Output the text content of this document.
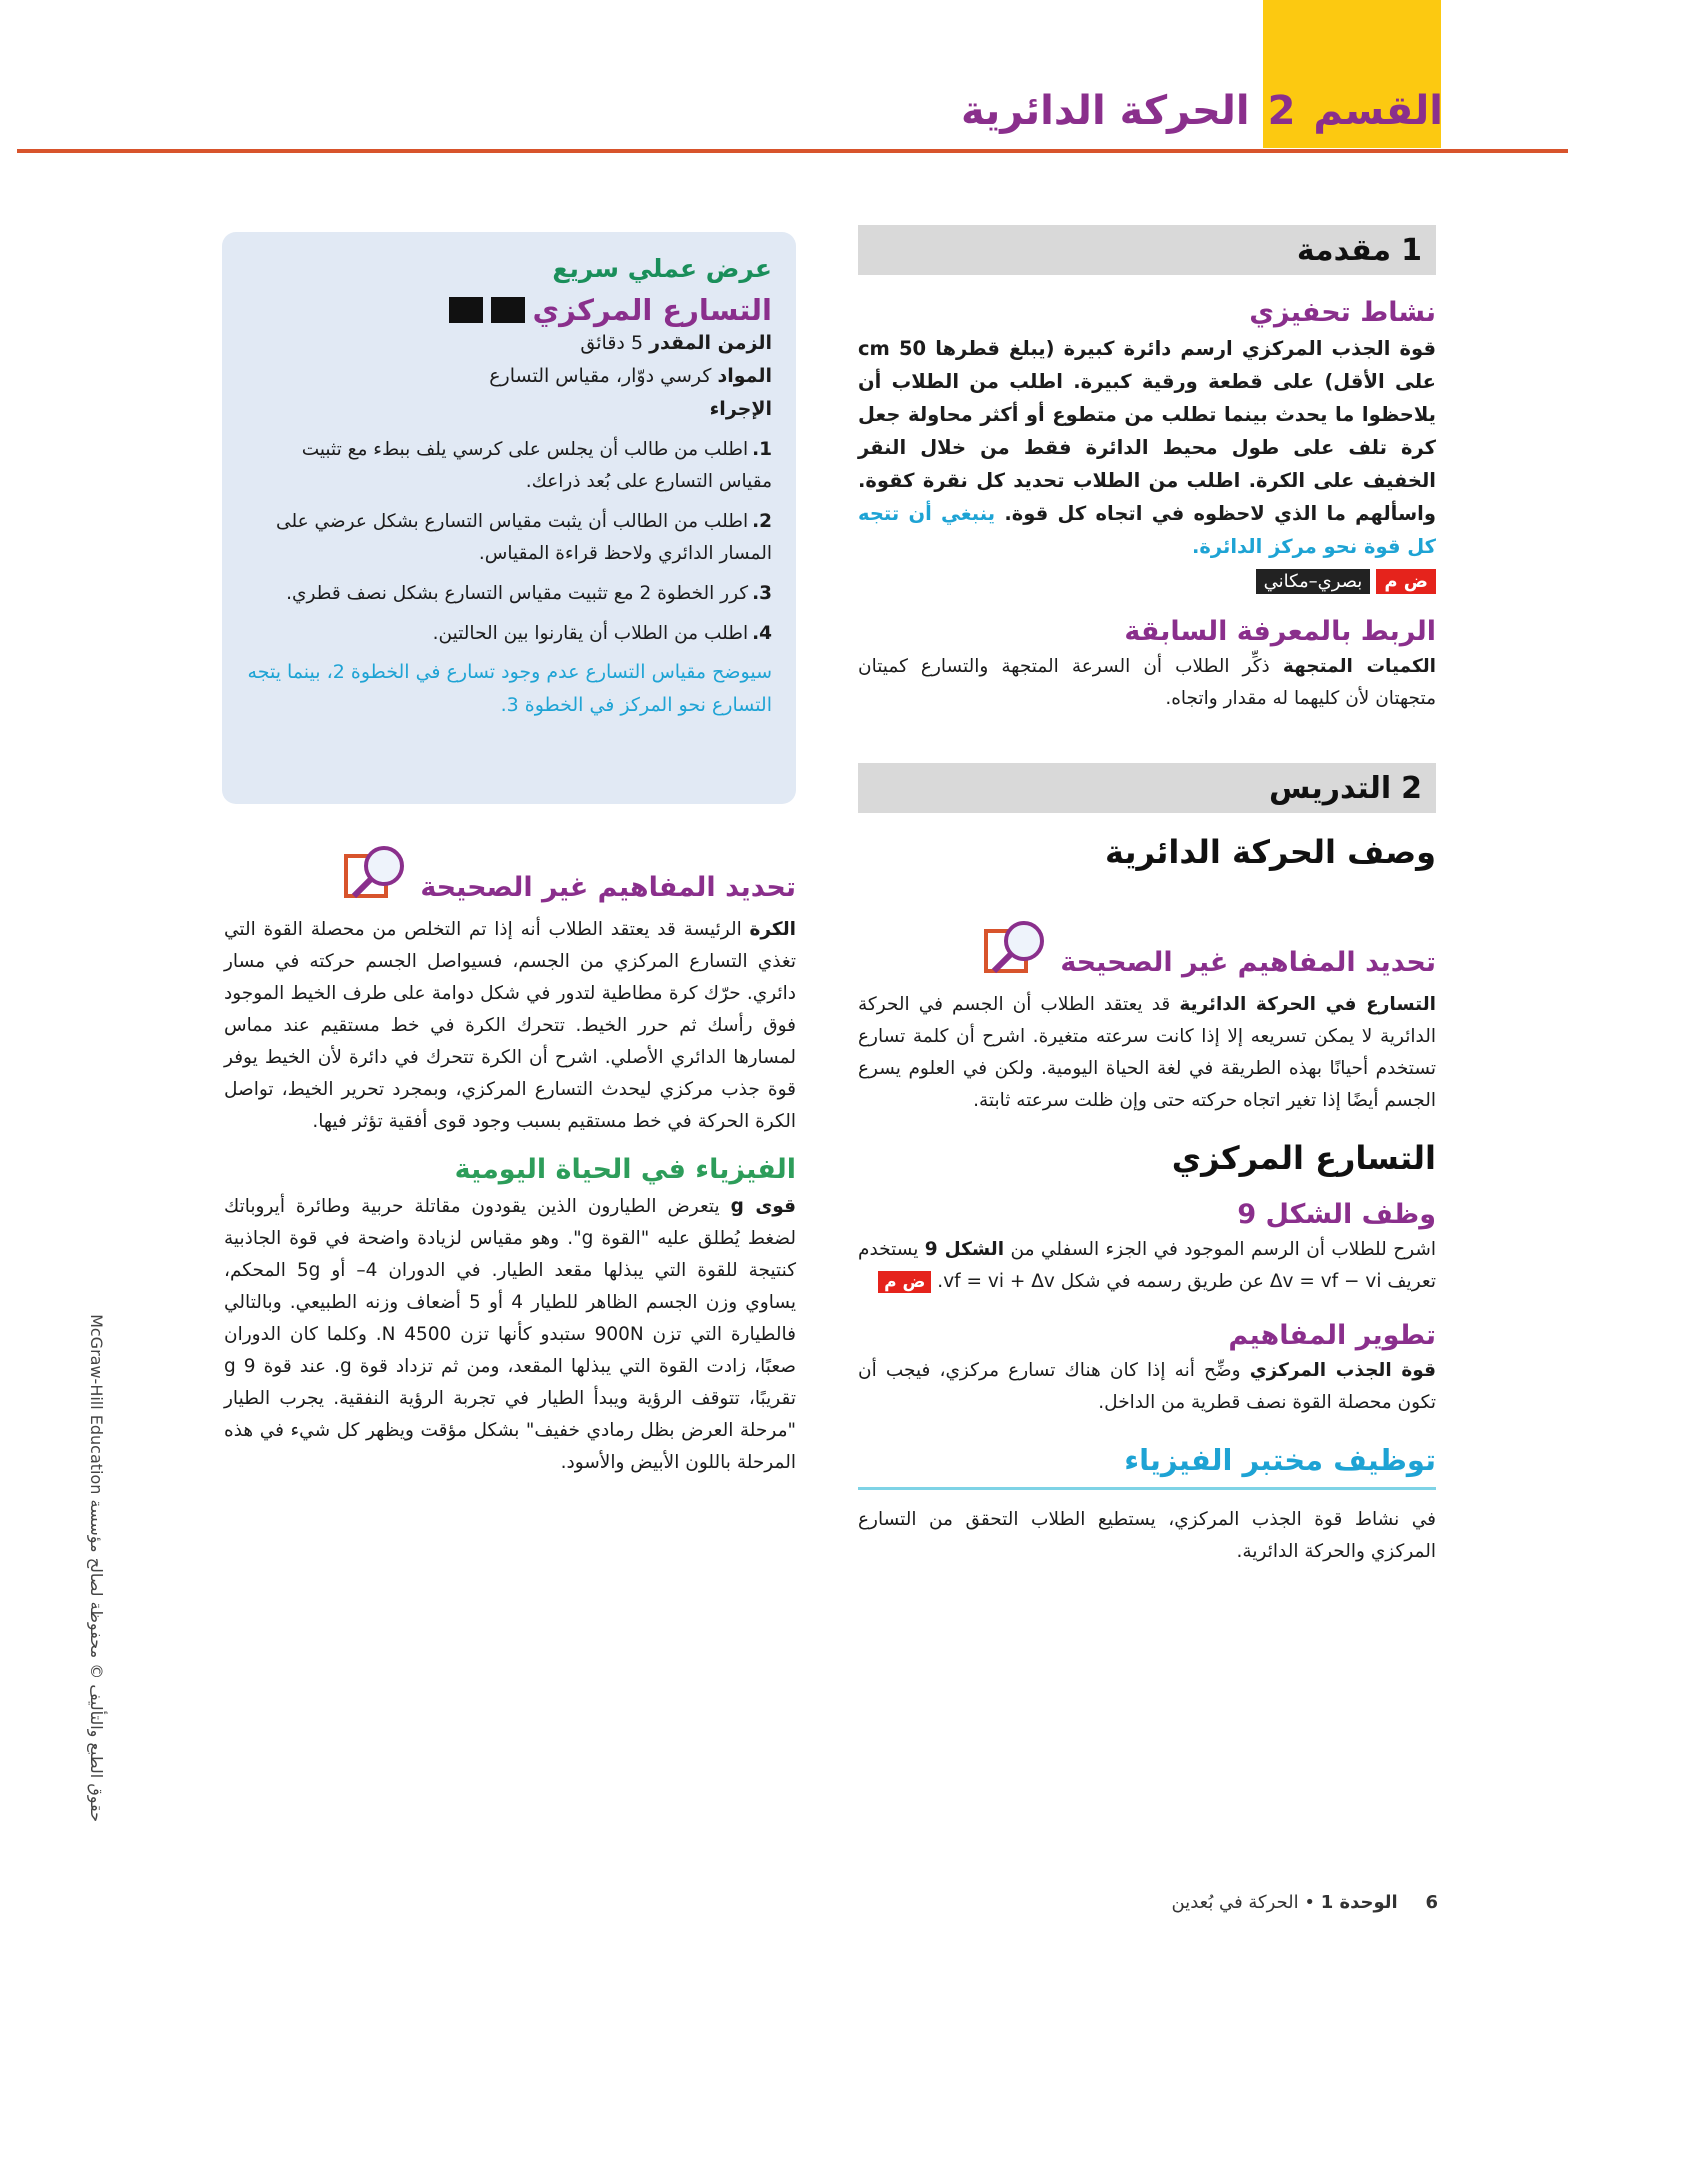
القسم2الحركة الدائرية
1
مقدمة
نشاط تحفيزي

قوة الجذب المركزي ارسم دائرة كبيرة (يبلغ قطرها 50 cm على الأقل) على قطعة ورقية كبيرة. اطلب من الطلاب أن يلاحظوا ما يحدث بينما تطلب من متطوع أو أكثر محاولة جعل كرة تلف على طول محيط الدائرة فقط من خلال النقر الخفيف على الكرة. اطلب من الطلاب تحديد كل نقرة كقوة. واسألهم ما الذي لاحظوه في اتجاه كل قوة. ينبغي أن تتجه كل قوة نحو مركز الدائرة.

ض م
بصري–مكاني
الربط بالمعرفة السابقة

الكميات المتجهة ذكِّر الطلاب أن السرعة المتجهة والتسارع كميتان متجهتان لأن كليهما له مقدار واتجاه.

2
التدريس
وصف الحركة الدائرية
تحديد المفاهيم غير الصحيحة

التسارع في الحركة الدائرية قد يعتقد الطلاب أن الجسم في الحركة الدائرية لا يمكن تسريعه إلا إذا كانت سرعته متغيرة. اشرح أن كلمة تسارع تستخدم أحيانًا بهذه الطريقة في لغة الحياة اليومية. ولكن في العلوم يسرع الجسم أيضًا إذا تغير اتجاه حركته حتى وإن ظلت سرعته ثابتة.

التسارع المركزي
وظف الشكل 9

اشرح للطلاب أن الرسم الموجود في الجزء السفلي من الشكل 9 يستخدم تعريف Δv = vf − vi عن طريق رسمه في شكل vf = vi + Δv. ض م

تطوير المفاهيم

قوة الجذب المركزي وضِّح أنه إذا كان هناك تسارع مركزي، فيجب أن تكون محصلة القوة نصف قطرية من الداخل.

توظيف مختبر الفيزياء

في نشاط قوة الجذب المركزي، يستطيع الطلاب التحقق من التسارع المركزي والحركة الدائرية.

عرض عملي سريع
التسارع المركزي
الزمن المقدر 5 دقائق
المواد كرسي دوّار، مقياس التسارع
الإجراء
1.اطلب من طالب أن يجلس على كرسي يلف ببطء مع تثبيت مقياس التسارع على بُعد ذراعك.
2.اطلب من الطالب أن يثبت مقياس التسارع بشكل عرضي على المسار الدائري ولاحظ قراءة المقياس.
3.كرر الخطوة 2 مع تثبيت مقياس التسارع بشكل نصف قطري.
4.اطلب من الطلاب أن يقارنوا بين الحالتين.

سيوضح مقياس التسارع عدم وجود تسارع في الخطوة 2، بينما يتجه التسارع نحو المركز في الخطوة 3.

تحديد المفاهيم غير الصحيحة

الكرة الرئيسة قد يعتقد الطلاب أنه إذا تم التخلص من محصلة القوة التي تغذي التسارع المركزي من الجسم، فسيواصل الجسم حركته في مسار دائري. حرّك كرة مطاطية لتدور في شكل دوامة على طرف الخيط الموجود فوق رأسك ثم حرر الخيط. تتحرك الكرة في خط مستقيم عند مماس لمسارها الدائري الأصلي. اشرح أن الكرة تتحرك في دائرة لأن الخيط يوفر قوة جذب مركزي ليحدث التسارع المركزي، وبمجرد تحرير الخيط، تواصل الكرة الحركة في خط مستقيم بسبب وجود قوى أفقية تؤثر فيها.

الفيزياء في الحياة اليومية

قوى g يتعرض الطيارون الذين يقودون مقاتلة حربية وطائرة أيروباتك لضغط يُطلق عليه "القوة g". وهو مقياس لزيادة واضحة في قوة الجاذبية كنتيجة للقوة التي يبذلها مقعد الطيار. في الدوران 4– أو 5g المحكم، يساوي وزن الجسم الظاهر للطيار 4 أو 5 أضعاف وزنه الطبيعي. وبالتالي فالطيارة التي تزن 900N ستبدو كأنها تزن 4500 N. وكلما كان الدوران صعبًا، زادت القوة التي يبذلها المقعد، ومن ثم تزداد قوة g. عند قوة 9 g تقريبًا، تتوقف الرؤية ويبدأ الطيار في تجربة الرؤية النفقية. يجرب الطيار "مرحلة العرض بظل رمادي خفيف" بشكل مؤقت ويظهر كل شيء في هذه المرحلة باللون الأبيض والأسود.

حقوق الطبع والتأليف © محفوظة لصالح مؤسسة McGraw-Hill Education
6 الوحدة 1 • الحركة في بُعدين
